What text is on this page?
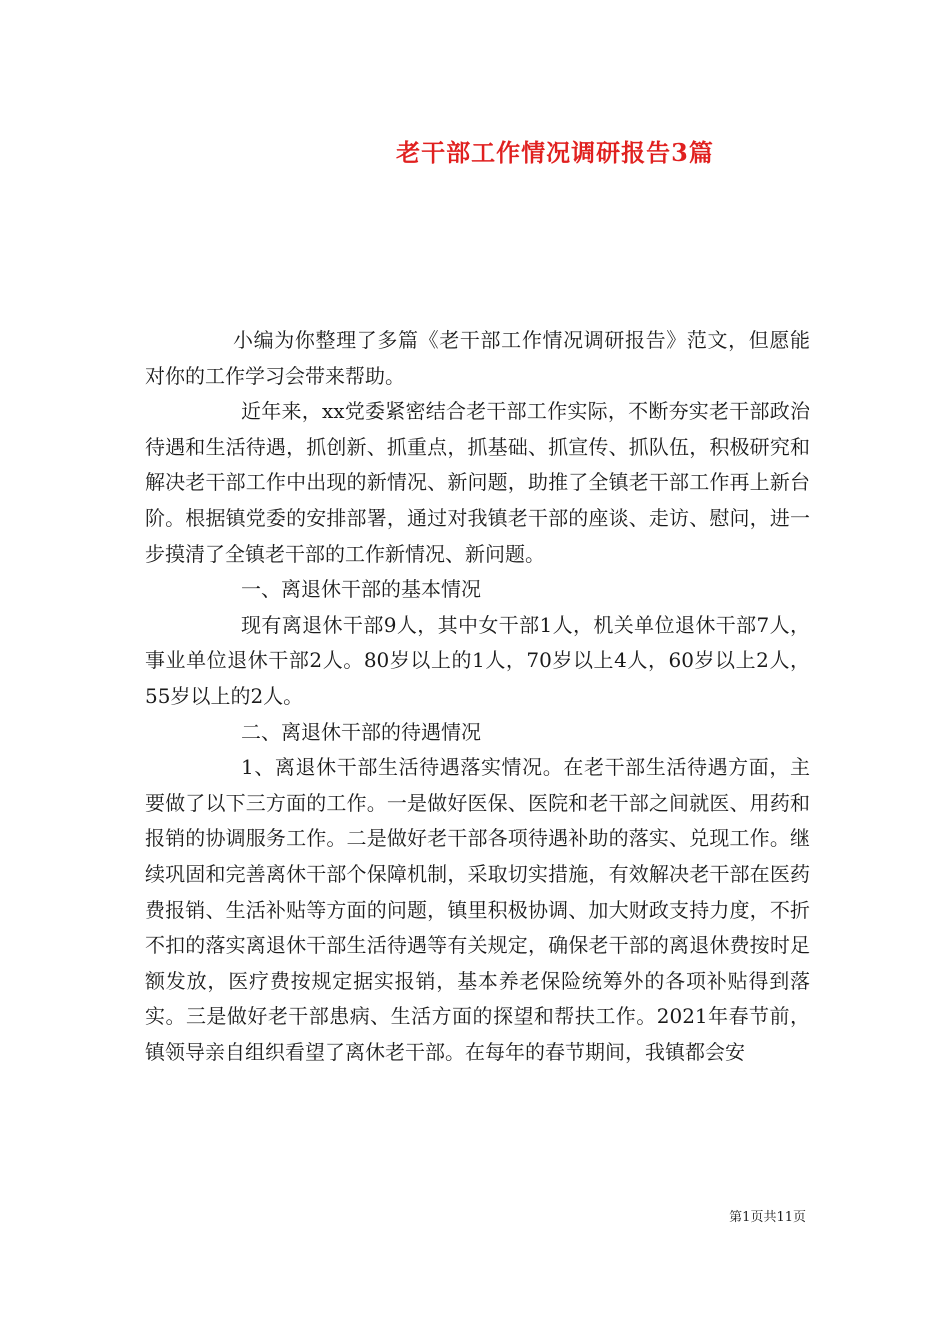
老干部工作情况调研报告3篇

小编为你整理了多篇《老干部工作情况调研报告》范文，但愿能对你的工作学习会带来帮助。

近年来，xx党委紧密结合老干部工作实际，不断夯实老干部政治待遇和生活待遇，抓创新、抓重点，抓基础、抓宣传、抓队伍，积极研究和解决老干部工作中出现的新情况、新问题，助推了全镇老干部工作再上新台阶。根据镇党委的安排部署，通过对我镇老干部的座谈、走访、慰问，进一步摸清了全镇老干部的工作新情况、新问题。

一、离退休干部的基本情况

现有离退休干部9人，其中女干部1人，机关单位退休干部7人，事业单位退休干部2人。80岁以上的1人，70岁以上4人，60岁以上2人，55岁以上的2人。

二、离退休干部的待遇情况

1、离退休干部生活待遇落实情况。在老干部生活待遇方面，主要做了以下三方面的工作。一是做好医保、医院和老干部之间就医、用药和报销的协调服务工作。二是做好老干部各项待遇补助的落实、兑现工作。继续巩固和完善离休干部个保障机制，采取切实措施，有效解决老干部在医药费报销、生活补贴等方面的问题，镇里积极协调、加大财政支持力度，不折不扣的落实离退休干部生活待遇等有关规定，确保老干部的离退休费按时足额发放，医疗费按规定据实报销，基本养老保险统筹外的各项补贴得到落实。三是做好老干部患病、生活方面的探望和帮扶工作。2021年春节前，镇领导亲自组织看望了离休老干部。在每年的春节期间，我镇都会安

第1页共11页
